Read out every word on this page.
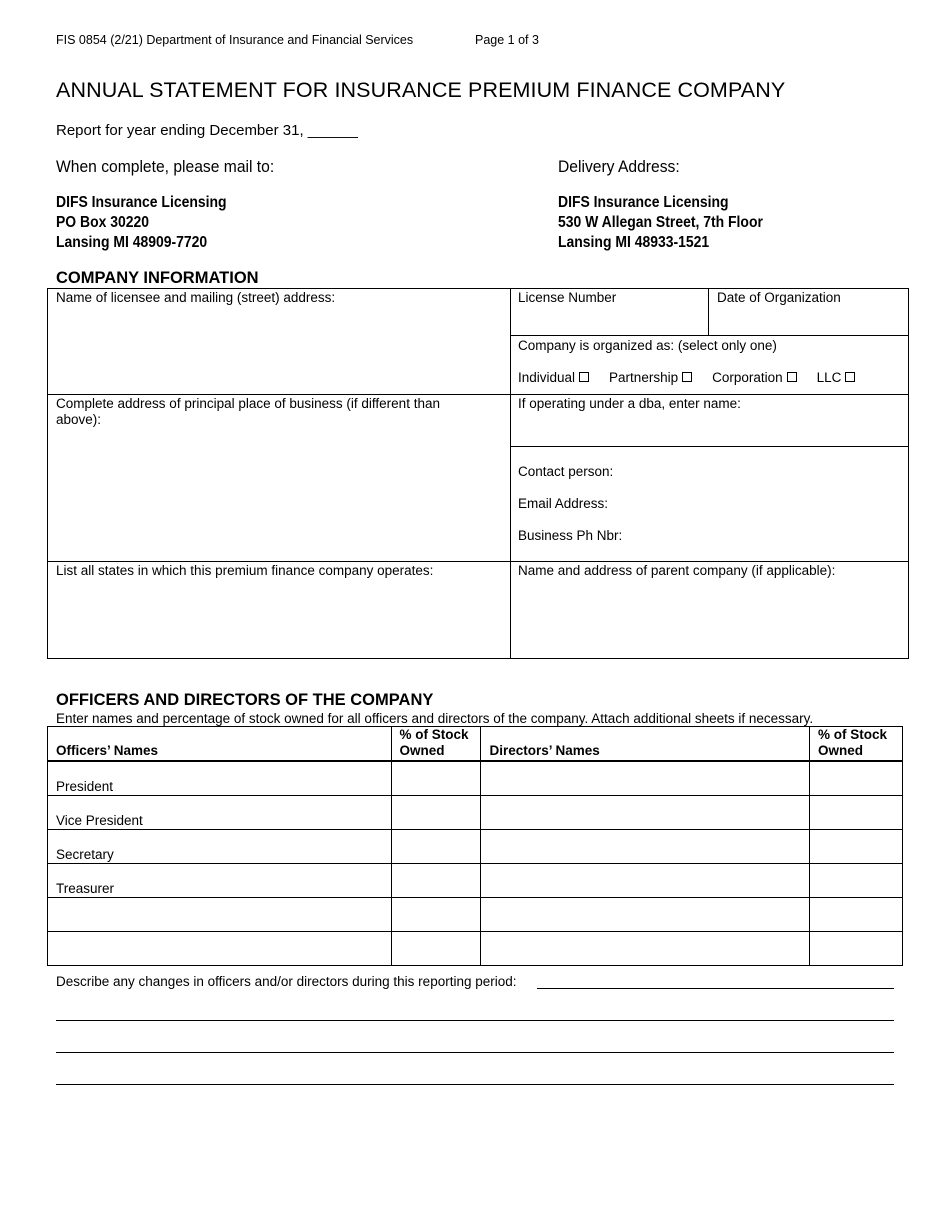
FIS 0854 (2/21) Department of Insurance and Financial Services	Page 1 of 3
ANNUAL STATEMENT FOR INSURANCE PREMIUM FINANCE COMPANY
Report for year ending December 31, ______
When complete, please mail to:	Delivery Address:
DIFS Insurance Licensing
PO Box 30220
Lansing MI 48909-7720
DIFS Insurance Licensing
530 W Allegan Street, 7th Floor
Lansing MI 48933-1521
COMPANY INFORMATION
Name of licensee and mailing (street) address:	License Number	Date of Organization
Company is organized as: (select only one)
Individual	Partnership	Corporation	LLC
Complete address of principal place of business (if different than above):
If operating under a dba, enter name:
Contact person:
Email Address:
Business Ph Nbr:
List all states in which this premium finance company operates:	Name and address of parent company (if applicable):
OFFICERS AND DIRECTORS OF THE COMPANY
Enter names and percentage of stock owned for all officers and directors of the company. Attach additional sheets if necessary.
Officers’ Names	% of Stock Owned	Directors’ Names	% of Stock Owned
President			
Vice President			
Secretary			
Treasurer			

Describe any changes in officers and/or directors during this reporting period:
